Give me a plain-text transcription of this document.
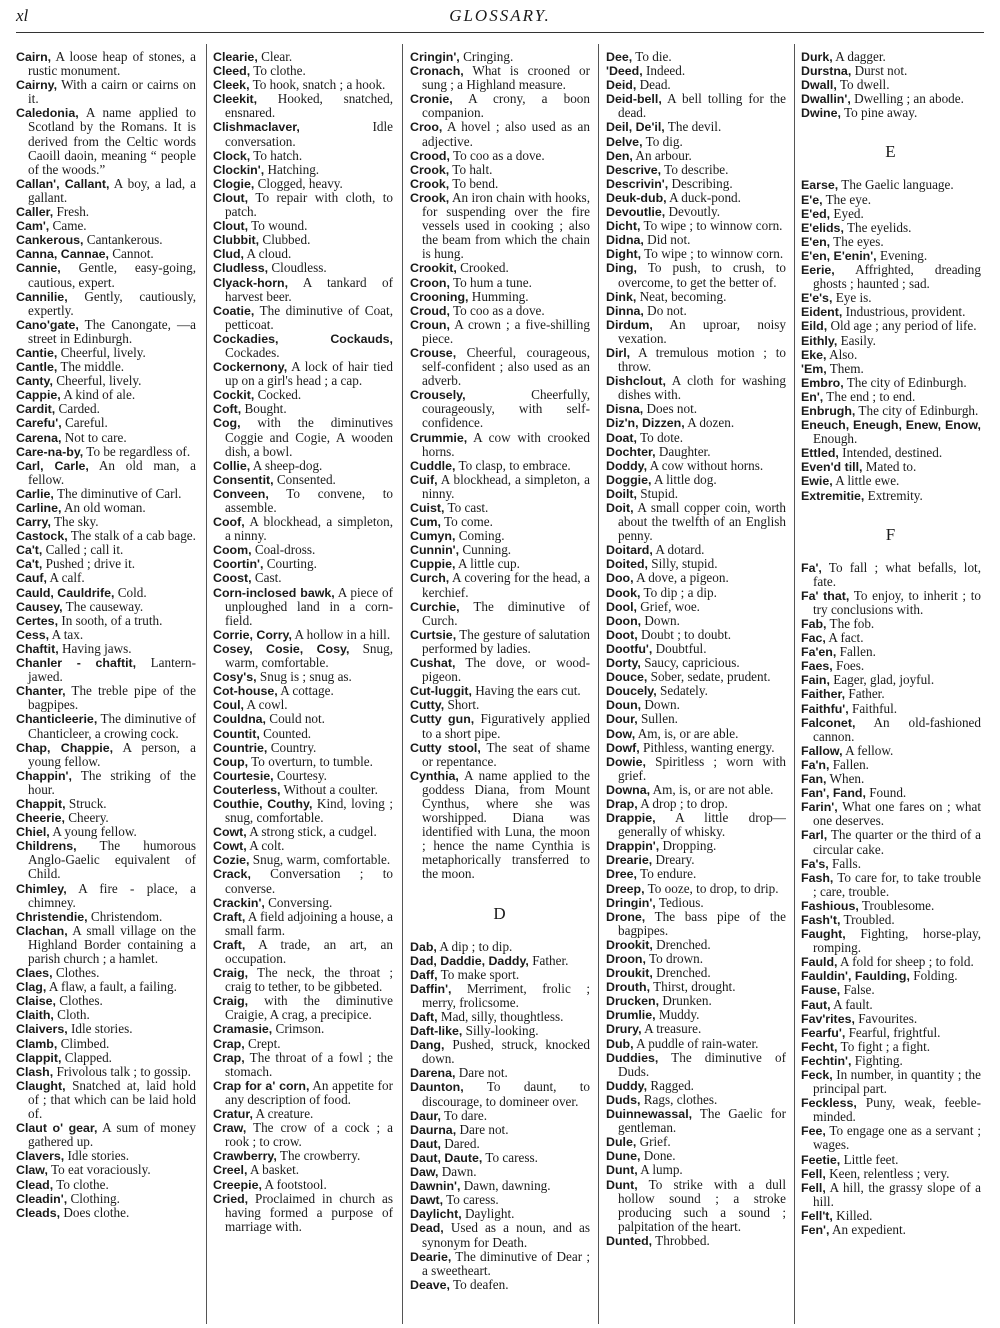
xl	GLOSSARY.

Cairn, A loose heap of stones, a rustic monument.

Cairny, With a cairn or cairns on it.

Caledonia, A name applied to Scotland by the Romans. It is derived from the Celtic words Caoill daoin, meaning “ people of the woods.”

Callan', Callant, A boy, a lad, a gallant.

Caller, Fresh.

Cam', Came.

Cankerous, Cantankerous.

Canna, Cannae, Cannot.

Cannie, Gentle, easy-going, cautious, expert.

Cannilie, Gently, cautiously, expertly.

Cano'gate, The Canongate, —a street in Edinburgh.

Cantie, Cheerful, lively.

Cantle, The middle.

Canty, Cheerful, lively.

Cappie, A kind of ale.

Cardit, Carded.

Carefu', Careful.

Carena, Not to care.

Care-na-by, To be regardless of.

Carl, Carle, An old man, a fellow.

Carlie, The diminutive of Carl.

Carline, An old woman.

Carry, The sky.

Castock, The stalk of a cab bage.

Ca't, Called ; call it.

Ca't, Pushed ; drive it.

Cauf, A calf.

Cauld, Cauldrife, Cold.

Causey, The causeway.

Certes, In sooth, of a truth.

Cess, A tax.

Chaftit, Having jaws.

Chanler - chaftit, Lantern-jawed.

Chanter, The treble pipe of the bagpipes.

Chanticleerie, The diminutive of Chanticleer, a crowing cock.

Chap, Chappie, A person, a young fellow.

Chappin', The striking of the hour.

Chappit, Struck.

Cheerie, Cheery.

Chiel, A young fellow.

Childrens, The humorous Anglo-Gaelic equivalent of Child.

Chimley, A fire - place, a chimney.

Christendie, Christendom.

Clachan, A small village on the Highland Border containing a parish church ; a hamlet.

Claes, Clothes.

Clag, A flaw, a fault, a failing.

Claise, Clothes.

Claith, Cloth.

Claivers, Idle stories.

Clamb, Climbed.

Clappit, Clapped.

Clash, Frivolous talk ; to gossip.

Claught, Snatched at, laid hold of ; that which can be laid hold of.

Claut o' gear, A sum of money gathered up.

Clavers, Idle stories.

Claw, To eat voraciously.

Clead, To clothe.

Cleadin', Clothing.

Cleads, Does clothe.

Clearie, Clear.

Cleed, To clothe.

Cleek, To hook, snatch ; a hook.

Cleekit, Hooked, snatched, ensnared.

Clishmaclaver, Idle conversation.

Clock, To hatch.

Clockin', Hatching.

Clogie, Clogged, heavy.

Clout, To repair with cloth, to patch.

Clout, To wound.

Clubbit, Clubbed.

Clud, A cloud.

Cludless, Cloudless.

Clyack-horn, A tankard of harvest beer.

Coatie, The diminutive of Coat, petticoat.

Cockadies, Cockauds, Cockades.

Cockernony, A lock of hair tied up on a girl's head ; a cap.

Cockit, Cocked.

Coft, Bought.

Cog, with the diminutives Coggie and Cogie, A wooden dish, a bowl.

Collie, A sheep-dog.

Consentit, Consented.

Conveen, To convene, to assemble.

Coof, A blockhead, a simpleton, a ninny.

Coom, Coal-dross.

Coortin', Courting.

Coost, Cast.

Corn-inclosed bawk, A piece of unploughed land in a corn-field.

Corrie, Corry, A hollow in a hill.

Cosey, Cosie, Cosy, Snug, warm, comfortable.

Cosy's, Snug is ; snug as.

Cot-house, A cottage.

Coul, A cowl.

Couldna, Could not.

Countit, Counted.

Countrie, Country.

Coup, To overturn, to tumble.

Courtesie, Courtesy.

Couterless, Without a coulter.

Couthie, Couthy, Kind, loving ; snug, comfortable.

Cowt, A strong stick, a cudgel.

Cowt, A colt.

Cozie, Snug, warm, comfortable.

Crack, Conversation ; to converse.

Crackin', Conversing.

Craft, A field adjoining a house, a small farm.

Craft, A trade, an art, an occupation.

Craig, The neck, the throat ; craig to tether, to be gibbeted.

Craig, with the diminutive Craigie, A crag, a precipice.

Cramasie, Crimson.

Crap, Crept.

Crap, The throat of a fowl ; the stomach.

Crap for a' corn, An appetite for any description of food.

Cratur, A creature.

Craw, The crow of a cock ; a rook ; to crow.

Crawberry, The crowberry.

Creel, A basket.

Creepie, A footstool.

Cried, Proclaimed in church as having formed a purpose of marriage with.

Cringin', Cringing.

Cronach, What is crooned or sung ; a Highland measure.

Cronie, A crony, a boon companion.

Croo, A hovel ; also used as an adjective.

Crood, To coo as a dove.

Crook, To halt.

Crook, To bend.

Crook, An iron chain with hooks, for suspending over the fire vessels used in cooking ; also the beam from which the chain is hung.

Crookit, Crooked.

Croon, To hum a tune.

Crooning, Humming.

Croud, To coo as a dove.

Croun, A crown ; a five-shilling piece.

Crouse, Cheerful, courageous, self-confident ; also used as an adverb.

Crousely, Cheerfully, courageously, with self-confidence.

Crummie, A cow with crooked horns.

Cuddle, To clasp, to embrace.

Cuif, A blockhead, a simpleton, a ninny.

Cuist, To cast.

Cum, To come.

Cumyn, Coming.

Cunnin', Cunning.

Cuppie, A little cup.

Curch, A covering for the head, a kerchief.

Curchie, The diminutive of Curch.

Curtsie, The gesture of salutation performed by ladies.

Cushat, The dove, or wood-pigeon.

Cut-luggit, Having the ears cut.

Cutty, Short.

Cutty gun, Figuratively applied to a short pipe.

Cutty stool, The seat of shame or repentance.

Cynthia, A name applied to the goddess Diana, from Mount Cynthus, where she was worshipped. Diana was identified with Luna, the moon ; hence the name Cynthia is metaphorically transferred to the moon.

D

Dab, A dip ; to dip.

Dad, Daddie, Daddy, Father.

Daff, To make sport.

Daffin', Merriment, frolic ; merry, frolicsome.

Daft, Mad, silly, thoughtless.

Daft-like, Silly-looking.

Dang, Pushed, struck, knocked down.

Darena, Dare not.

Daunton, To daunt, to discourage, to domineer over.

Daur, To dare.

Daurna, Dare not.

Daut, Dared.

Daut, Daute, To caress.

Daw, Dawn.

Dawnin', Dawn, dawning.

Dawt, To caress.

Daylicht, Daylight.

Dead, Used as a noun, and as synonym for Death.

Dearie, The diminutive of Dear ; a sweetheart.

Deave, To deafen.

Dee, To die.

'Deed, Indeed.

Deid, Dead.

Deid-bell, A bell tolling for the dead.

Deil, De'il, The devil.

Delve, To dig.

Den, An arbour.

Descrive, To describe.

Descrivin', Describing.

Deuk-dub, A duck-pond.

Devoutlie, Devoutly.

Dicht, To wipe ; to winnow corn.

Didna, Did not.

Dight, To wipe ; to winnow corn.

Ding, To push, to crush, to overcome, to get the better of.

Dink, Neat, becoming.

Dinna, Do not.

Dirdum, An uproar, noisy vexation.

Dirl, A tremulous motion ; to throw.

Dishclout, A cloth for washing dishes with.

Disna, Does not.

Diz'n, Dizzen, A dozen.

Doat, To dote.

Dochter, Daughter.

Doddy, A cow without horns.

Doggie, A little dog.

Doilt, Stupid.

Doit, A small copper coin, worth about the twelfth of an English penny.

Doitard, A dotard.

Doited, Silly, stupid.

Doo, A dove, a pigeon.

Dook, To dip ; a dip.

Dool, Grief, woe.

Doon, Down.

Doot, Doubt ; to doubt.

Dootfu', Doubtful.

Dorty, Saucy, capricious.

Douce, Sober, sedate, prudent.

Doucely, Sedately.

Doun, Down.

Dour, Sullen.

Dow, Am, is, or are able.

Dowf, Pithless, wanting energy.

Dowie, Spiritless ; worn with grief.

Downa, Am, is, or are not able.

Drap, A drop ; to drop.

Drappie, A little drop— generally of whisky.

Drappin', Dropping.

Drearie, Dreary.

Dree, To endure.

Dreep, To ooze, to drop, to drip.

Dringin', Tedious.

Drone, The bass pipe of the bagpipes.

Drookit, Drenched.

Droon, To drown.

Droukit, Drenched.

Drouth, Thirst, drought.

Drucken, Drunken.

Drumlie, Muddy.

Drury, A treasure.

Dub, A puddle of rain-water.

Duddies, The diminutive of Duds.

Duddy, Ragged.

Duds, Rags, clothes.

Duinnewassal, The Gaelic for gentleman.

Dule, Grief.

Dune, Done.

Dunt, A lump.

Dunt, To strike with a dull hollow sound ; a stroke producing such a sound ; palpitation of the heart.

Dunted, Throbbed.

Durk, A dagger.

Durstna, Durst not.

Dwall, To dwell.

Dwallin', Dwelling ; an abode.

Dwine, To pine away.

E

Earse, The Gaelic language.

E'e, The eye.

E'ed, Eyed.

E'elids, The eyelids.

E'en, The eyes.

E'en, E'enin', Evening.

Eerie, Affrighted, dreading ghosts ; haunted ; sad.

E'e's, Eye is.

Eident, Industrious, provident.

Eild, Old age ; any period of life.

Eithly, Easily.

Eke, Also.

'Em, Them.

Embro, The city of Edinburgh.

En', The end ; to end.

Enbrugh, The city of Edinburgh.

Eneuch, Eneugh, Enew, Enow, Enough.

Ettled, Intended, destined.

Even'd till, Mated to.

Ewie, A little ewe.

Extremitie, Extremity.

F

Fa', To fall ; what befalls, lot, fate.

Fa' that, To enjoy, to inherit ; to try conclusions with.

Fab, The fob.

Fac, A fact.

Fa'en, Fallen.

Faes, Foes.

Fain, Eager, glad, joyful.

Faither, Father.

Faithfu', Faithful.

Falconet, An old-fashioned cannon.

Fallow, A fellow.

Fa'n, Fallen.

Fan, When.

Fan', Fand, Found.

Farin', What one fares on ; what one deserves.

Farl, The quarter or the third of a circular cake.

Fa's, Falls.

Fash, To care for, to take trouble ; care, trouble.

Fashious, Troublesome.

Fash't, Troubled.

Faught, Fighting, horse-play, romping.

Fauld, A fold for sheep ; to fold.

Fauldin', Faulding, Folding.

Fause, False.

Faut, A fault.

Fav'rites, Favourites.

Fearfu', Fearful, frightful.

Fecht, To fight ; a fight.

Fechtin', Fighting.

Feck, In number, in quantity ; the principal part.

Feckless, Puny, weak, feeble-minded.

Fee, To engage one as a servant ; wages.

Feetie, Little feet.

Fell, Keen, relentless ; very.

Fell, A hill, the grassy slope of a hill.

Fell't, Killed.

Fen', An expedient.
